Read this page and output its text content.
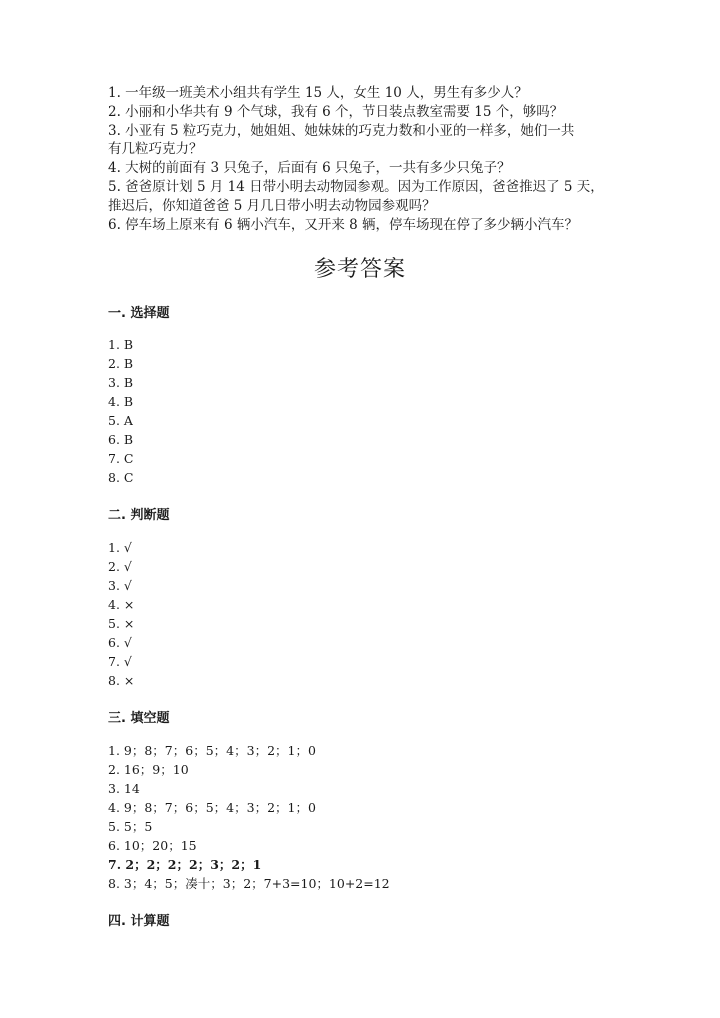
1. 一年级一班美术小组共有学生 15 人，女生 10 人，男生有多少人？

2. 小丽和小华共有 9 个气球，我有 6 个，节日装点教室需要 15 个，够吗？

3. 小亚有 5 粒巧克力，她姐姐、她妹妹的巧克力数和小亚的一样多，她们一共

有几粒巧克力？

4. 大树的前面有 3 只兔子，后面有 6 只兔子，一共有多少只兔子？

5. 爸爸原计划 5 月 14 日带小明去动物园参观。因为工作原因，爸爸推迟了 5 天，

推迟后，你知道爸爸 5 月几日带小明去动物园参观吗？

6. 停车场上原来有 6 辆小汽车，又开来 8 辆，停车场现在停了多少辆小汽车？

参考答案
一. 选择题

1. B

2. B

3. B

4. B

5. A

6. B

7. C

8. C

二. 判断题

1. √

2. √

3. √

4. ×

5. ×

6. √

7. √

8. ×

三. 填空题

1. 9；8；7；6；5；4；3；2；1；0

2. 16；9；10

3. 14

4. 9；8；7；6；5；4；3；2；1；0

5. 5；5

6. 10；20；15

7. 2；2；2；2；3；2；1

8. 3；4；5；凑十；3；2；7+3=10；10+2=12

四. 计算题
